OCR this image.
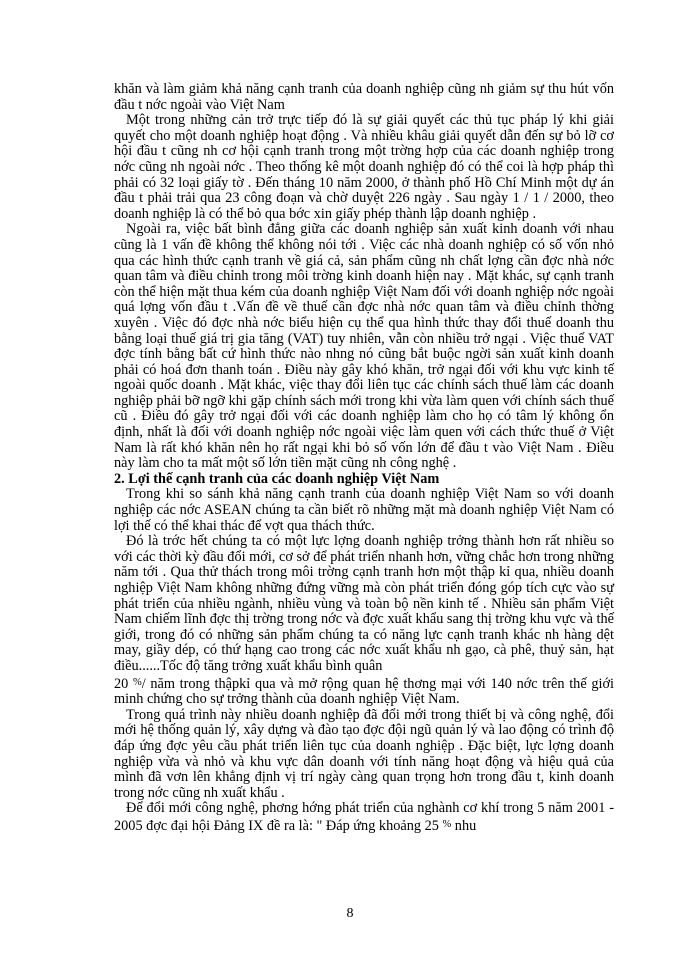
khăn và làm giảm khả năng cạnh tranh của doanh nghiệp cũng nh giảm sự thu hút vốn đầu t nớc ngoài vào Việt Nam

Một trong những cản trở trực tiếp đó là sự giải quyết các thủ tục pháp lý khi giải quyết cho một doanh nghiệp hoạt động . Và nhiều khâu giải quyết dẫn đến sự bỏ lỡ cơ hội đầu t cũng nh cơ hội cạnh tranh trong một trờng hợp của các doanh nghiệp trong nớc cũng nh ngoài nớc . Theo thống kê một doanh nghiệp đó có thể coi là hợp pháp thì phải có 32 loại giấy tờ . Đến tháng 10 năm 2000, ở thành phố Hồ Chí Minh một dự án đầu t phải trải qua 23 công đoạn và chờ duyệt 226 ngày . Sau ngày 1 / 1 / 2000, theo doanh nghiệp là có thể bỏ qua bớc xin giấy phép thành lập doanh nghiệp .

Ngoài ra, việc bất bình đẳng giữa các doanh nghiệp sản xuất kinh doanh với nhau cũng là 1 vấn đề không thể không nói tới . Việc các nhà doanh nghiệp có số vốn nhỏ qua các hình thức cạnh tranh về giá cả, sản phẩm cũng nh chất lợng cần đợc nhà nớc quan tâm và điều chỉnh trong môi trờng kinh doanh hiện nay . Mặt khác, sự cạnh tranh còn thể hiện mặt thua kém của doanh nghiệp Việt Nam đối với doanh nghiệp nớc ngoài quá lợng vốn đầu t .Vấn đề về thuế cần đợc nhà nớc quan tâm và điều chỉnh thờng xuyên . Việc đó đợc nhà nớc biểu hiện cụ thể qua hình thức thay đổi thuế doanh thu bằng loại thuế giá trị gia tăng (VAT) tuy nhiên, vẫn còn nhiều trở ngại . Việc thuế VAT đợc tính bằng bất cứ hình thức nào nhng nó cũng bắt buộc ngời sản xuất kinh doanh phải có hoá đơn thanh toán . Điều này gây khó khăn, trở ngại đối với khu vực kinh tế ngoài quốc doanh . Mặt khác, việc thay đổi liên tục các chính sách thuế làm các doanh nghiệp phải bỡ ngỡ khi gặp chính sách mới trong khi vừa làm quen với chính sách thuế cũ . Điều đó gây trở ngại đối với các doanh nghiệp làm cho họ có tâm lý không ổn định, nhất là đối với doanh nghiệp nớc ngoài việc làm quen với cách thức thuế ở Việt Nam là rất khó khăn nên họ rất ngại khi bỏ số vốn lớn để đầu t vào Việt Nam . Điều này làm cho ta mất một số lớn tiền mặt cũng nh công nghệ .

2. Lợi thế cạnh tranh của các doanh nghiệp Việt Nam

Trong khi so sánh khả năng cạnh tranh của doanh nghiệp Việt Nam so với doanh nghiệp các nớc ASEAN chúng ta cần biết rõ những mặt mà doanh nghiệp Việt Nam có lợi thế có thể khai thác để vợt qua thách thức.

Đó là trớc hết chúng ta có một lực lợng doanh nghiệp trởng thành hơn rất nhiều so với các thời kỳ đầu đổi mới, cơ sở để phát triển nhanh hơn, vững chắc hơn trong những năm tới . Qua thử thách trong môi trờng cạnh tranh hơn một thập kỉ qua, nhiều doanh nghiệp Việt Nam không những đứng vững mà còn phát triển đóng góp tích cực vào sự phát triển của nhiều ngành, nhiều vùng và toàn bộ nền kinh tế . Nhiều sản phẩm Việt Nam chiếm lĩnh đợc thị trờng trong nớc và đợc xuất khẩu sang thị trờng khu vực và thế giới, trong đó có những sản phẩm chúng ta có năng lực cạnh tranh khác nh hàng dệt may, giầy dép, có thứ hạng cao trong các nớc xuất khẩu nh gạo, cà phê, thuỷ sản, hạt điều......Tốc độ tăng trởng xuất khẩu bình quân
20 %/ năm trong thậpkỉ qua và mở rộng quan hệ thơng mại với 140 nớc trên thế giới minh chứng cho sự trởng thành của doanh nghiệp Việt Nam.

Trong quá trình này nhiều doanh nghiệp đã đổi mới trong thiết bị và công nghệ, đổi mới hệ thống quản lý, xây dựng và đào tạo đợc đội ngũ quản lý và lao động có trình độ đáp ứng đợc yêu cầu phát triển liên tục của doanh nghiệp . Đặc biệt, lực lợng doanh nghiệp vừa và nhỏ và khu vực dân doanh với tính năng hoạt động và hiệu quả của mình đã vơn lên khẳng định vị trí ngày càng quan trọng hơn trong đầu t, kinh doanh trong nớc cũng nh xuất khẩu .

Để đổi mới công nghệ, phơng hớng phát triển của nghành cơ khí trong 5 năm 2001 - 2005 đợc đại hội Đảng IX đề ra là: " Đáp ứng khoảng 25 % nhu

8
